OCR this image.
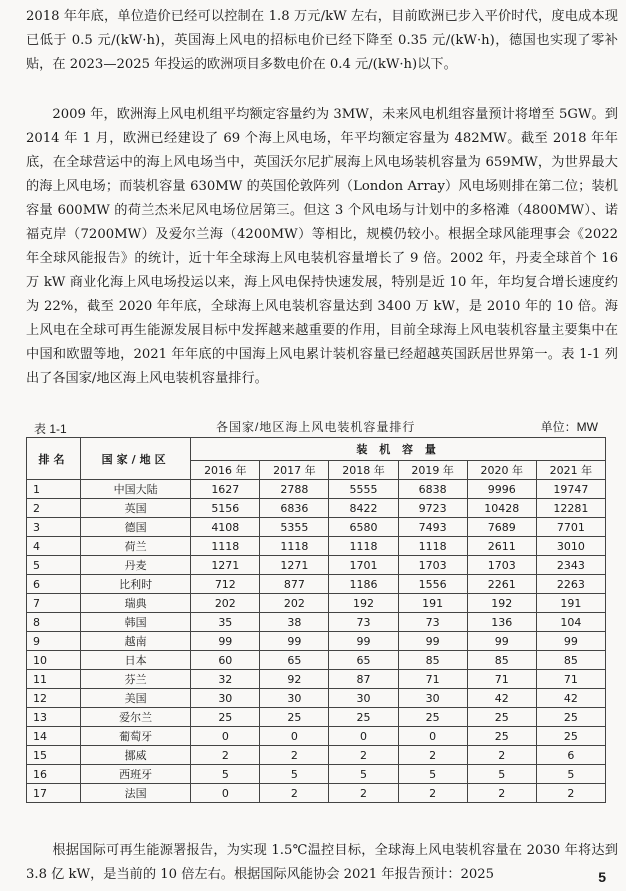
2018 年年底，单位造价已经可以控制在 1.8 万元/kW 左右，目前欧洲已步入平价时代，度电成本现已低于 0.5 元/(kW·h)，英国海上风电的招标电价已经下降至 0.35 元/(kW·h)，德国也实现了零补贴，在 2023—2025 年投运的欧洲项目多数电价在 0.4 元/(kW·h)以下。

2009 年，欧洲海上风电机组平均额定容量约为 3MW，未来风电机组容量预计将增至 5GW。到 2014 年 1 月，欧洲已经建设了 69 个海上风电场，年平均额定容量为 482MW。截至 2018 年年底，在全球营运中的海上风电场当中，英国沃尔尼扩展海上风电场装机容量为 659MW，为世界最大的海上风电场；而装机容量 630MW 的英国伦敦阵列（London Array）风电场则排在第二位；装机容量 600MW 的荷兰杰米尼风电场位居第三。但这 3 个风电场与计划中的多格滩（4800MW）、诺福克岸（7200MW）及爱尔兰海（4200MW）等相比，规模仍较小。根据全球风能理事会《2022 年全球风能报告》的统计，近十年全球海上风电装机容量增长了 9 倍。2002 年，丹麦全球首个 16 万 kW 商业化海上风电场投运以来，海上风电保持快速发展，特别是近 10 年，年均复合增长速度约为 22%，截至 2020 年年底，全球海上风电装机容量达到 3400 万 kW，是 2010 年的 10 倍。海上风电在全球可再生能源发展目标中发挥越来越重要的作用，目前全球海上风电装机容量主要集中在中国和欧盟等地，2021 年年底的中国海上风电累计装机容量已经超越英国跃居世界第一。表 1-1 列出了各国家/地区海上风电装机容量排行。

表 1-1	各国家/地区海上风电装机容量排行	单位：MW
排名	国家/地区	装 机 容 量					
		2016 年	2017 年	2018 年	2019 年	2020 年	2021 年
1	中国大陆	1627	2788	5555	6838	9996	19747
2	英国	5156	6836	8422	9723	10428	12281
3	德国	4108	5355	6580	7493	7689	7701
4	荷兰	1118	1118	1118	1118	2611	3010
5	丹麦	1271	1271	1701	1703	1703	2343
6	比利时	712	877	1186	1556	2261	2263
7	瑞典	202	202	192	191	192	191
8	韩国	35	38	73	73	136	104
9	越南	99	99	99	99	99	99
10	日本	60	65	65	85	85	85
11	芬兰	32	92	87	71	71	71
12	美国	30	30	30	30	42	42
13	爱尔兰	25	25	25	25	25	25
14	葡萄牙	0	0	0	0	25	25
15	挪威	2	2	2	2	2	6
16	西班牙	5	5	5	5	5	5
17	法国	0	2	2	2	2	2

根据国际可再生能源署报告，为实现 1.5℃温控目标，全球海上风电装机容量在 2030 年将达到 3.8 亿 kW，是当前的 10 倍左右。根据国际风能协会 2021 年报告预计：2025	5
